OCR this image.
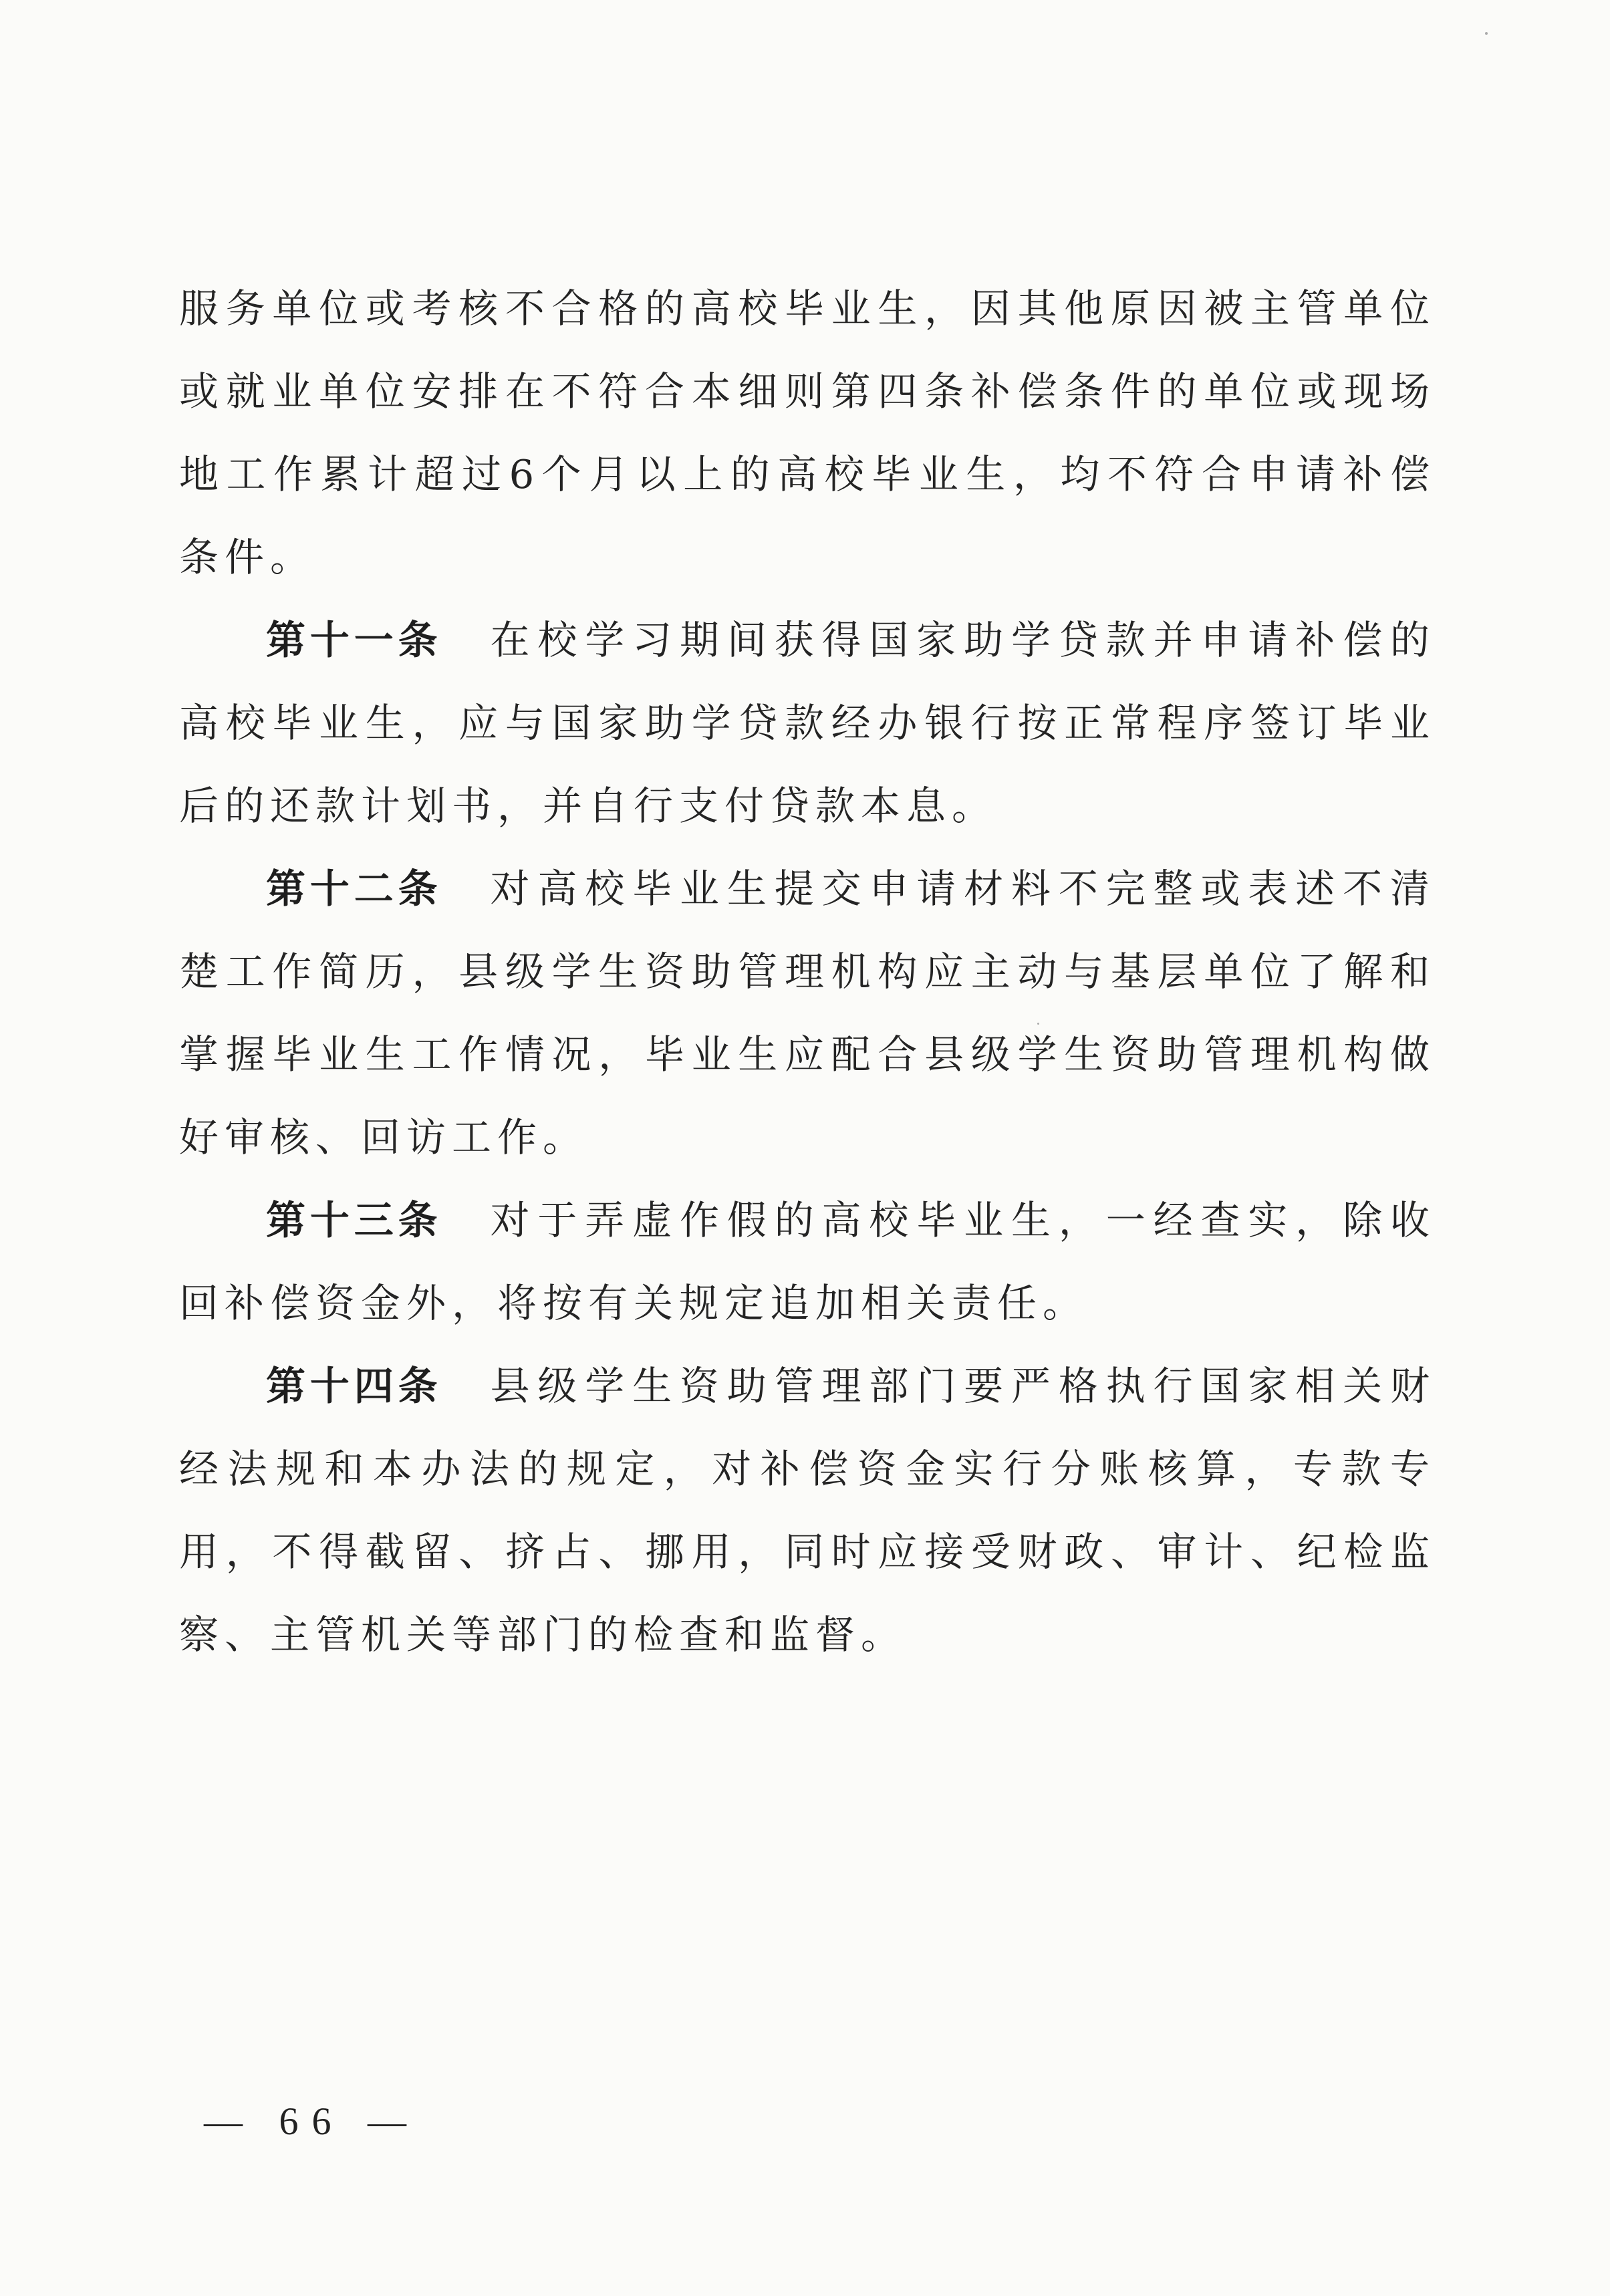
服务单位或考核不合格的高校毕业生，因其他原因被主管单位或就业单位安排在不符合本细则第四条补偿条件的单位或现场地工作累计超过6个月以上的高校毕业生，均不符合申请补偿条件。

第十一条 在校学习期间获得国家助学贷款并申请补偿的高校毕业生，应与国家助学贷款经办银行按正常程序签订毕业后的还款计划书，并自行支付贷款本息。

第十二条 对高校毕业生提交申请材料不完整或表述不清楚工作简历，县级学生资助管理机构应主动与基层单位了解和掌握毕业生工作情况，毕业生应配合县级学生资助管理机构做好审核、回访工作。

第十三条 对于弄虚作假的高校毕业生，一经查实，除收回补偿资金外，将按有关规定追加相关责任。

第十四条 县级学生资助管理部门要严格执行国家相关财经法规和本办法的规定，对补偿资金实行分账核算，专款专用，不得截留、挤占、挪用，同时应接受财政、审计、纪检监察、主管机关等部门的检查和监督。

— 66 —
